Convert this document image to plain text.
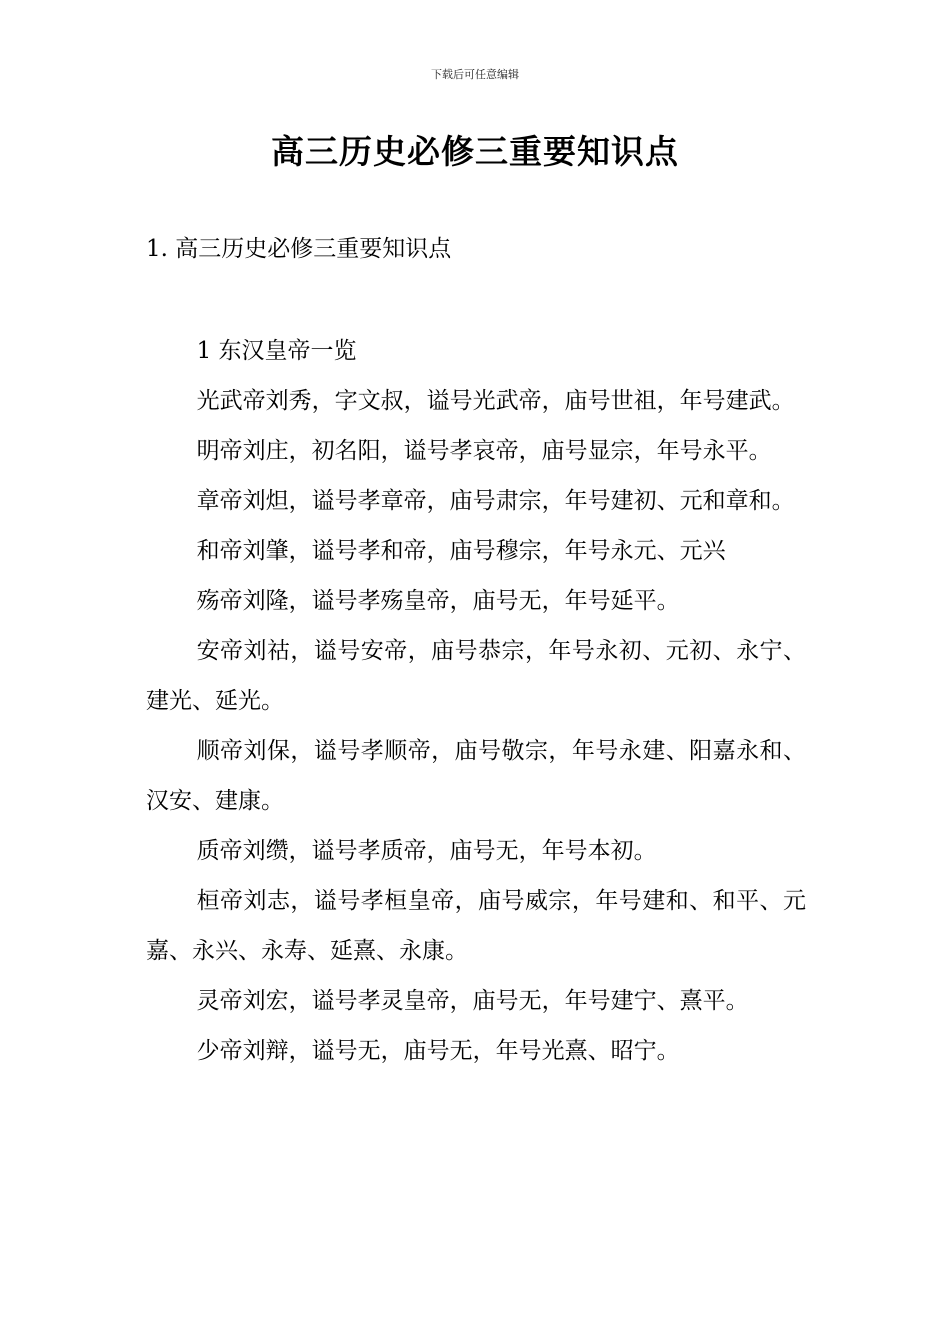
下载后可任意编辑
高三历史必修三重要知识点
1. 高三历史必修三重要知识点

1 东汉皇帝一览

光武帝刘秀，字文叔，谥号光武帝，庙号世祖，年号建武。

明帝刘庄，初名阳，谥号孝哀帝，庙号显宗，年号永平。

章帝刘炟，谥号孝章帝，庙号肃宗，年号建初、元和章和。

和帝刘肇，谥号孝和帝，庙号穆宗，年号永元、元兴

殇帝刘隆，谥号孝殇皇帝，庙号无，年号延平。

安帝刘祜，谥号安帝，庙号恭宗，年号永初、元初、永宁、建光、延光。

顺帝刘保，谥号孝顺帝，庙号敬宗，年号永建、阳嘉永和、汉安、建康。

质帝刘缵，谥号孝质帝，庙号无，年号本初。

桓帝刘志，谥号孝桓皇帝，庙号威宗，年号建和、和平、元嘉、永兴、永寿、延熹、永康。

灵帝刘宏，谥号孝灵皇帝，庙号无，年号建宁、熹平。

少帝刘辩，谥号无，庙号无，年号光熹、昭宁。
